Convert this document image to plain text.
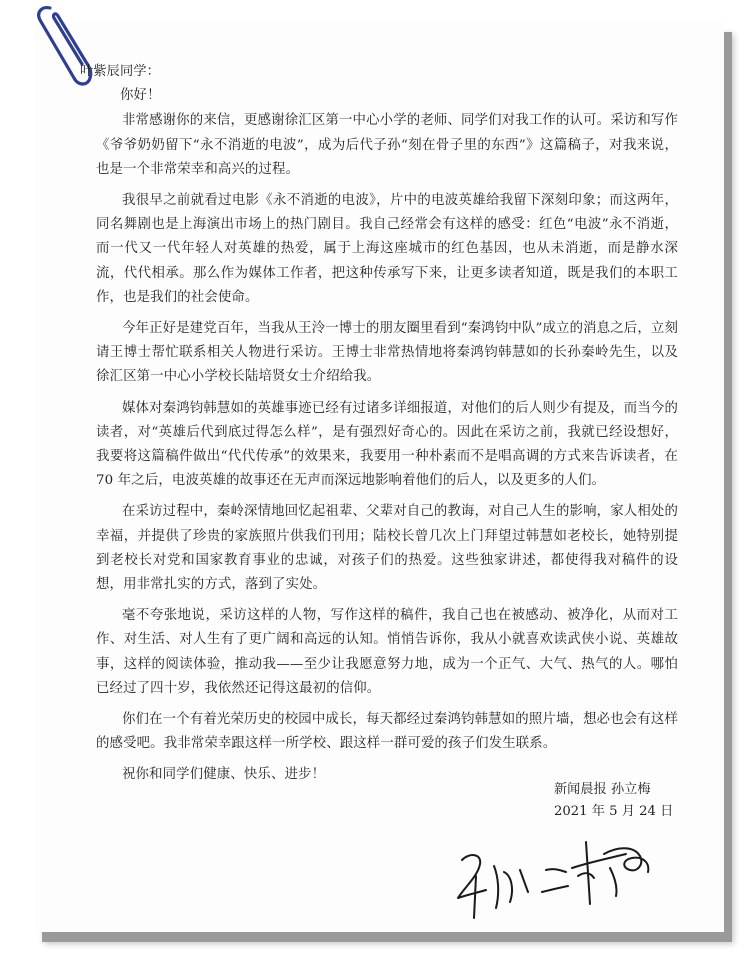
叶紫辰同学：
你好！

非常感谢你的来信，更感谢徐汇区第一中心小学的老师、同学们对我工作的认可。采访和写作《爷爷奶奶留下“永不消逝的电波”，成为后代子孙“刻在骨子里的东西”》这篇稿子，对我来说，也是一个非常荣幸和高兴的过程。

我很早之前就看过电影《永不消逝的电波》，片中的电波英雄给我留下深刻印象；而这两年，同名舞剧也是上海演出市场上的热门剧目。我自己经常会有这样的感受：红色“电波”永不消逝，而一代又一代年轻人对英雄的热爱，属于上海这座城市的红色基因，也从未消逝，而是静水深流，代代相承。那么作为媒体工作者，把这种传承写下来，让更多读者知道，既是我们的本职工作，也是我们的社会使命。

今年正好是建党百年，当我从王泠一博士的朋友圈里看到“秦鸿钧中队”成立的消息之后，立刻请王博士帮忙联系相关人物进行采访。王博士非常热情地将秦鸿钧韩慧如的长孙秦岭先生，以及徐汇区第一中心小学校长陆培贤女士介绍给我。

媒体对秦鸿钧韩慧如的英雄事迹已经有过诸多详细报道，对他们的后人则少有提及，而当今的读者，对“英雄后代到底过得怎么样”，是有强烈好奇心的。因此在采访之前，我就已经设想好，我要将这篇稿件做出“代代传承”的效果来，我要用一种朴素而不是唱高调的方式来告诉读者，在 70 年之后，电波英雄的故事还在无声而深远地影响着他们的后人，以及更多的人们。

在采访过程中，秦岭深情地回忆起祖辈、父辈对自己的教诲，对自己人生的影响，家人相处的幸福，并提供了珍贵的家族照片供我们刊用；陆校长曾几次上门拜望过韩慧如老校长，她特别提到老校长对党和国家教育事业的忠诚，对孩子们的热爱。这些独家讲述，都使得我对稿件的设想，用非常扎实的方式，落到了实处。

毫不夸张地说，采访这样的人物，写作这样的稿件，我自己也在被感动、被净化，从而对工作、对生活、对人生有了更广阔和高远的认知。悄悄告诉你，我从小就喜欢读武侠小说、英雄故事，这样的阅读体验，推动我——至少让我愿意努力地，成为一个正气、大气、热气的人。哪怕已经过了四十岁，我依然还记得这最初的信仰。

你们在一个有着光荣历史的校园中成长，每天都经过秦鸿钧韩慧如的照片墙，想必也会有这样的感受吧。我非常荣幸跟这样一所学校、跟这样一群可爱的孩子们发生联系。

祝你和同学们健康、快乐、进步！

新闻晨报 孙立梅
2021 年 5 月 24 日
